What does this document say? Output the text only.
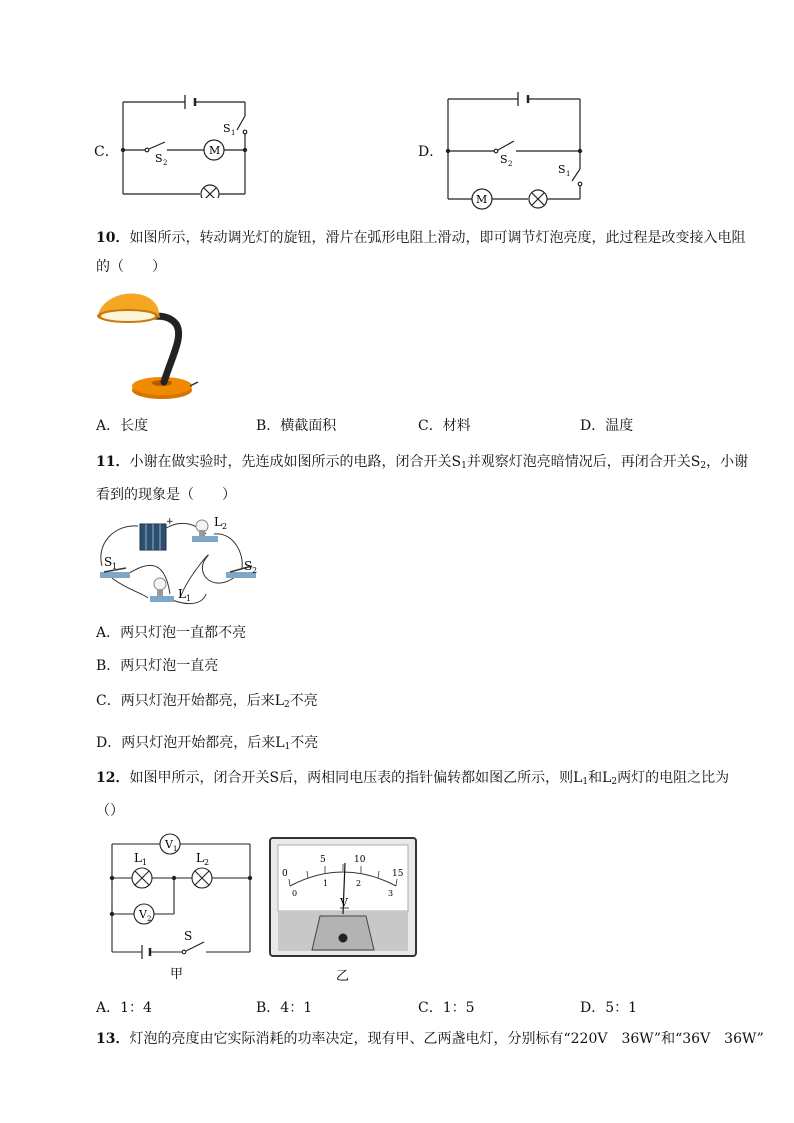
C．	M
S 1
S 2
D．
M
S 1
S 2
10．如图所示，转动调光灯的旋钮，滑片在弧形电阻上滑动，即可调节灯泡亮度，此过程是改变接入电阻的（　　）
A．长度	B．横截面积	C．材料	D．温度
11．小谢在做实验时，先连成如图所示的电路，闭合开关$S_1$并观察灯泡亮暗情况后，再闭合开关$S_2$，小谢看到的现象是（　　）
+	L 2
S 1	S 2
L 1
A．两只灯泡一直都不亮
B．两只灯泡一直亮
C．两只灯泡开始都亮，后来$L_2$不亮
D．两只灯泡开始都亮，后来$L_1$不亮
12．如图甲所示，闭合开关S后，两相同电压表的指针偏转都如图乙所示，则$L_1$和$L_2$两灯的电阻之比为
（）
V 1
V 2
L 1	L 2
S
甲
0
5	10
15
0
1	2
3
V
乙
A．1：4	B．4：1	C．1：5	D．5：1
13．灯泡的亮度由它实际消耗的功率决定，现有甲、乙两盏电灯，分别标有“220V　36W”和“36V　36W”
